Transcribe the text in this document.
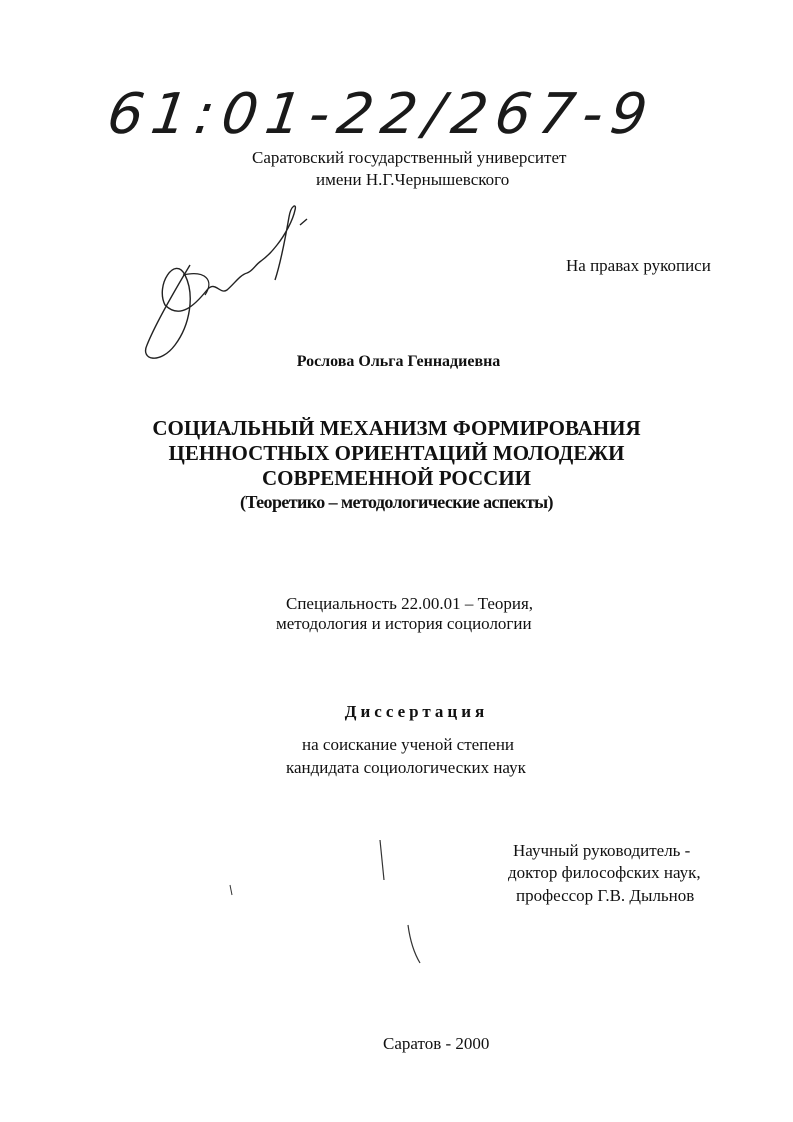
61:01-22/267-9
Саратовский государственный университет
имени Н.Г.Чернышевского
На правах рукописи
Рослова Ольга Геннадиевна
СОЦИАЛЬНЫЙ МЕХАНИЗМ ФОРМИРОВАНИЯ
ЦЕННОСТНЫХ ОРИЕНТАЦИЙ МОЛОДЕЖИ
СОВРЕМЕННОЙ РОССИИ
(Теоретико – методологические аспекты)
Специальность 22.00.01 – Теория,
методология и история социологии
Диссертация
на соискание ученой степени
кандидата социологических наук
Научный руководитель -
доктор философских наук,
профессор Г.В. Дыльнов
Саратов - 2000
